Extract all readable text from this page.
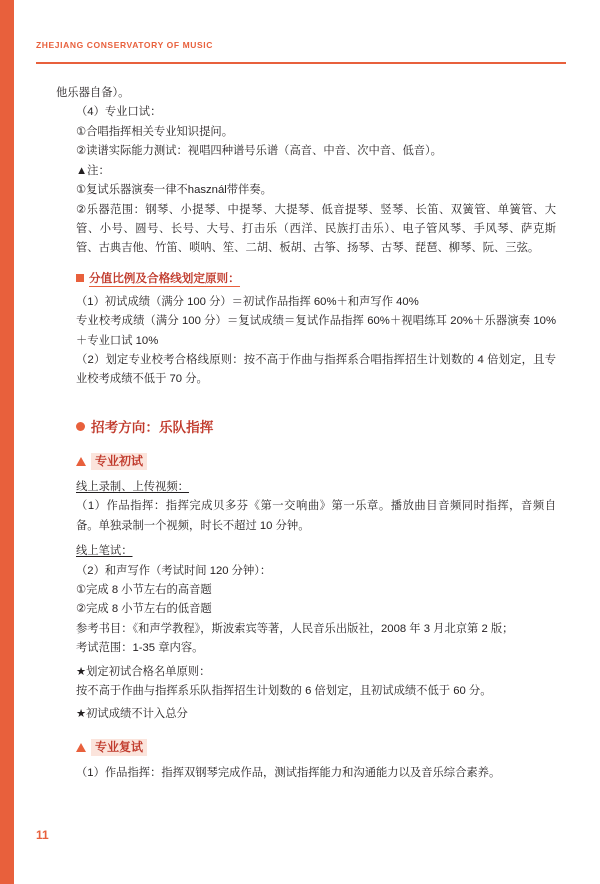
ZHEJIANG CONSERVATORY OF MUSIC

他乐器自备）。

（4）专业口试：

①合唱指挥相关专业知识提问。

②读谱实际能力测试：视唱四种谱号乐谱（高音、中音、次中音、低音）。

▲注：

①复试乐器演奏一律不használ带伴奏。

②乐器范围：钢琴、小提琴、中提琴、大提琴、低音提琴、竖琴、长笛、双簧管、单簧管、大管、小号、圆号、长号、大号、打击乐（西洋、民族打击乐）、电子管风琴、手风琴、萨克斯管、古典吉他、竹笛、唢呐、笙、二胡、板胡、古筝、扬琴、古琴、琵琶、柳琴、阮、三弦。

分值比例及合格线划定原则：

（1）初试成绩（满分 100 分）＝初试作品指挥 60%＋和声写作 40%

专业校考成绩（满分 100 分）＝复试成绩＝复试作品指挥 60%＋视唱练耳 20%＋乐器演奏 10%＋专业口试 10%

（2）划定专业校考合格线原则：按不高于作曲与指挥系合唱指挥招生计划数的 4 倍划定，且专业校考成绩不低于 70 分。

招考方向：乐队指挥
专业初试

线上录制、上传视频：

（1）作品指挥：指挥完成贝多芬《第一交响曲》第一乐章。播放曲目音频同时指挥，音频自备。单独录制一个视频，时长不超过 10 分钟。

线上笔试：

（2）和声写作（考试时间 120 分钟）：

①完成 8 小节左右的高音题

②完成 8 小节左右的低音题

参考书目：《和声学教程》，斯波索宾等著，人民音乐出版社，2008 年 3 月北京第 2 版；

考试范围：1-35 章内容。

★划定初试合格名单原则：

按不高于作曲与指挥系乐队指挥招生计划数的 6 倍划定，且初试成绩不低于 60 分。

★初试成绩不计入总分

专业复试

（1）作品指挥：指挥双钢琴完成作品，测试指挥能力和沟通能力以及音乐综合素养。

11
